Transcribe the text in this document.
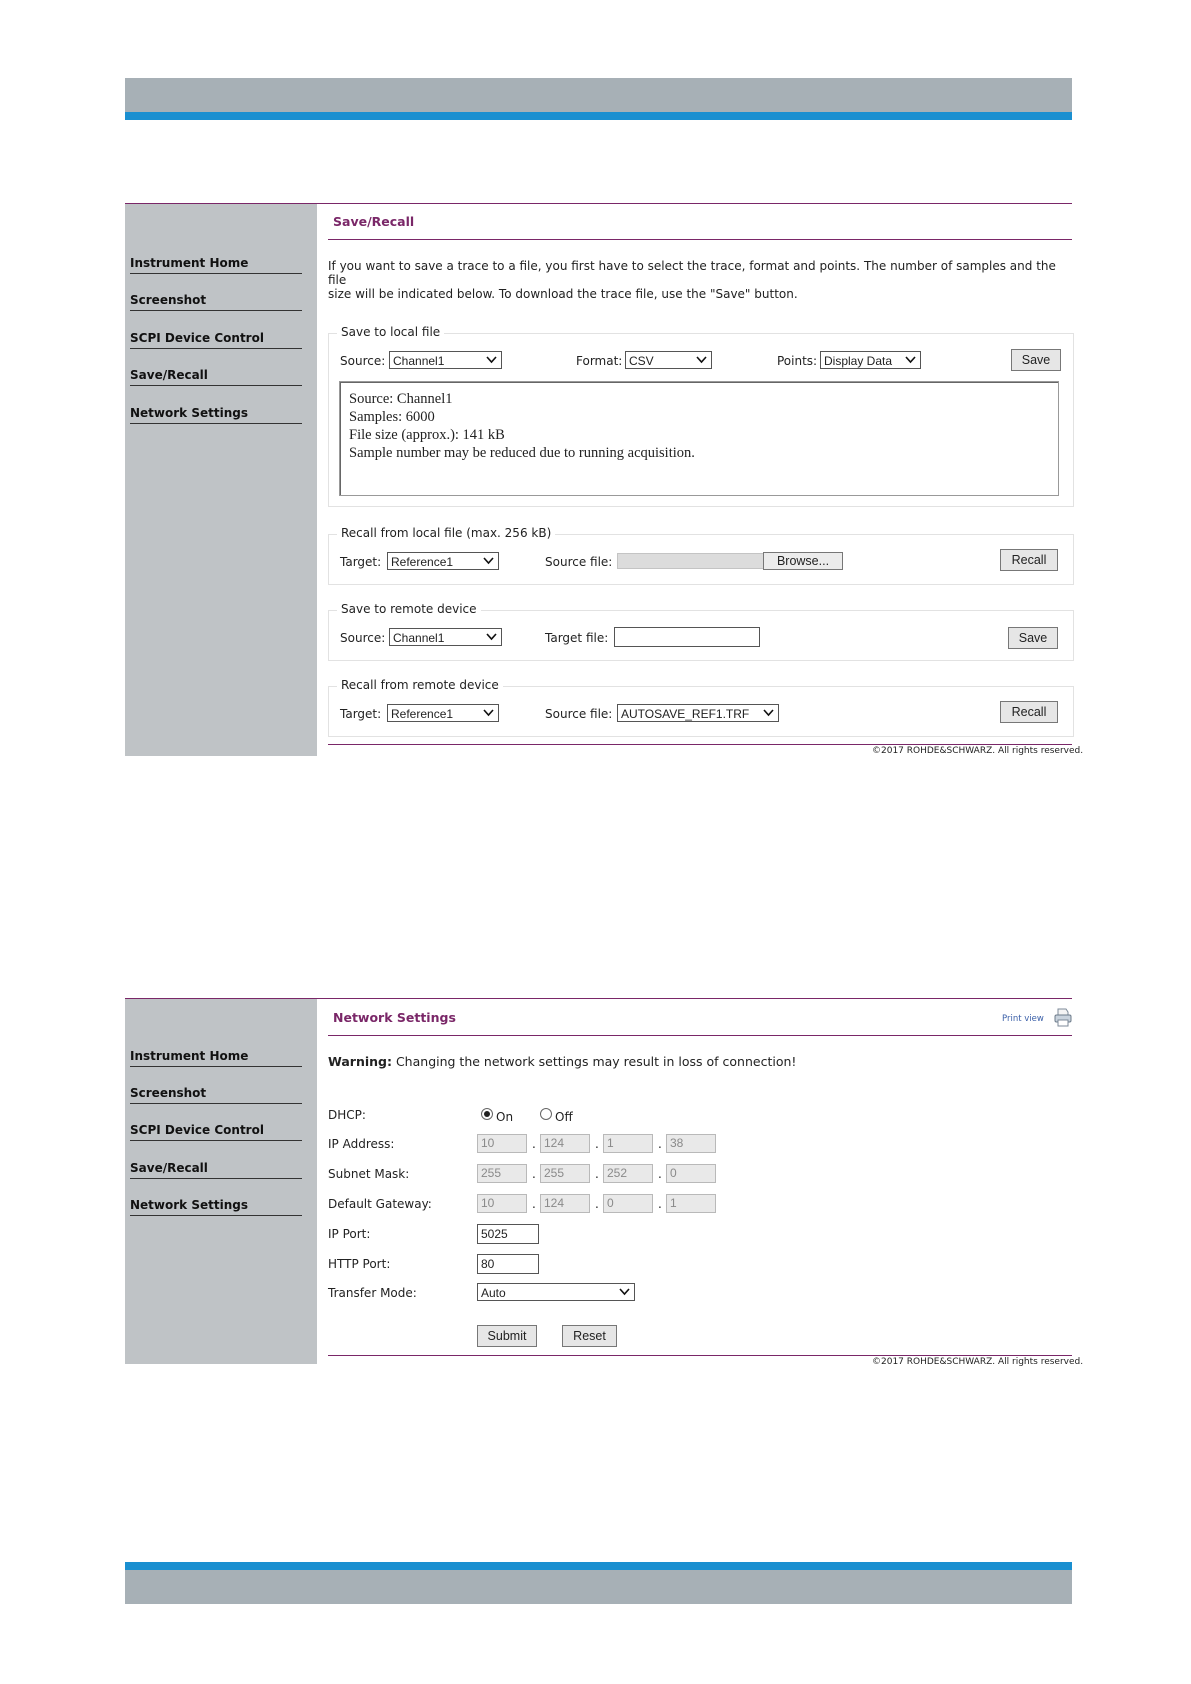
Instrument Home
Screenshot
SCPI Device Control
Save/Recall
Network Settings
Save/Recall
If you want to save a trace to a file, you first have to select the trace, format and points. The number of samples and the file
size will be indicated below. To download the trace file, use the "Save" button.
Save to local file
Source: Channel1	Format: CSV	Points: Display Data	Save
Source: Channel1
Samples: 6000
File size (approx.): 141 kB
Sample number may be reduced due to running acquisition.
Recall from local file (max. 256 kB)
Target: Reference1	Source file:	Browse...	Recall
Save to remote device
Source: Channel1	Target file:	Save
Recall from remote device
Target: Reference1	Source file: AUTOSAVE_REF1.TRF	Recall
©2017 ROHDE&SCHWARZ. All rights reserved.
Instrument Home
Screenshot
SCPI Device Control
Save/Recall
Network Settings
Network Settings	Print view
Warning: Changing the network settings may result in loss of connection!
DHCP:	On	Off
IP Address:	10	. 124	. 1	. 38
Subnet Mask:	255	. 255	. 252	. 0
Default Gateway:	10	. 124	. 0	. 1
IP Port:	5025
HTTP Port:	80
Transfer Mode:	Auto
Submit	Reset
©2017 ROHDE&SCHWARZ. All rights reserved.
